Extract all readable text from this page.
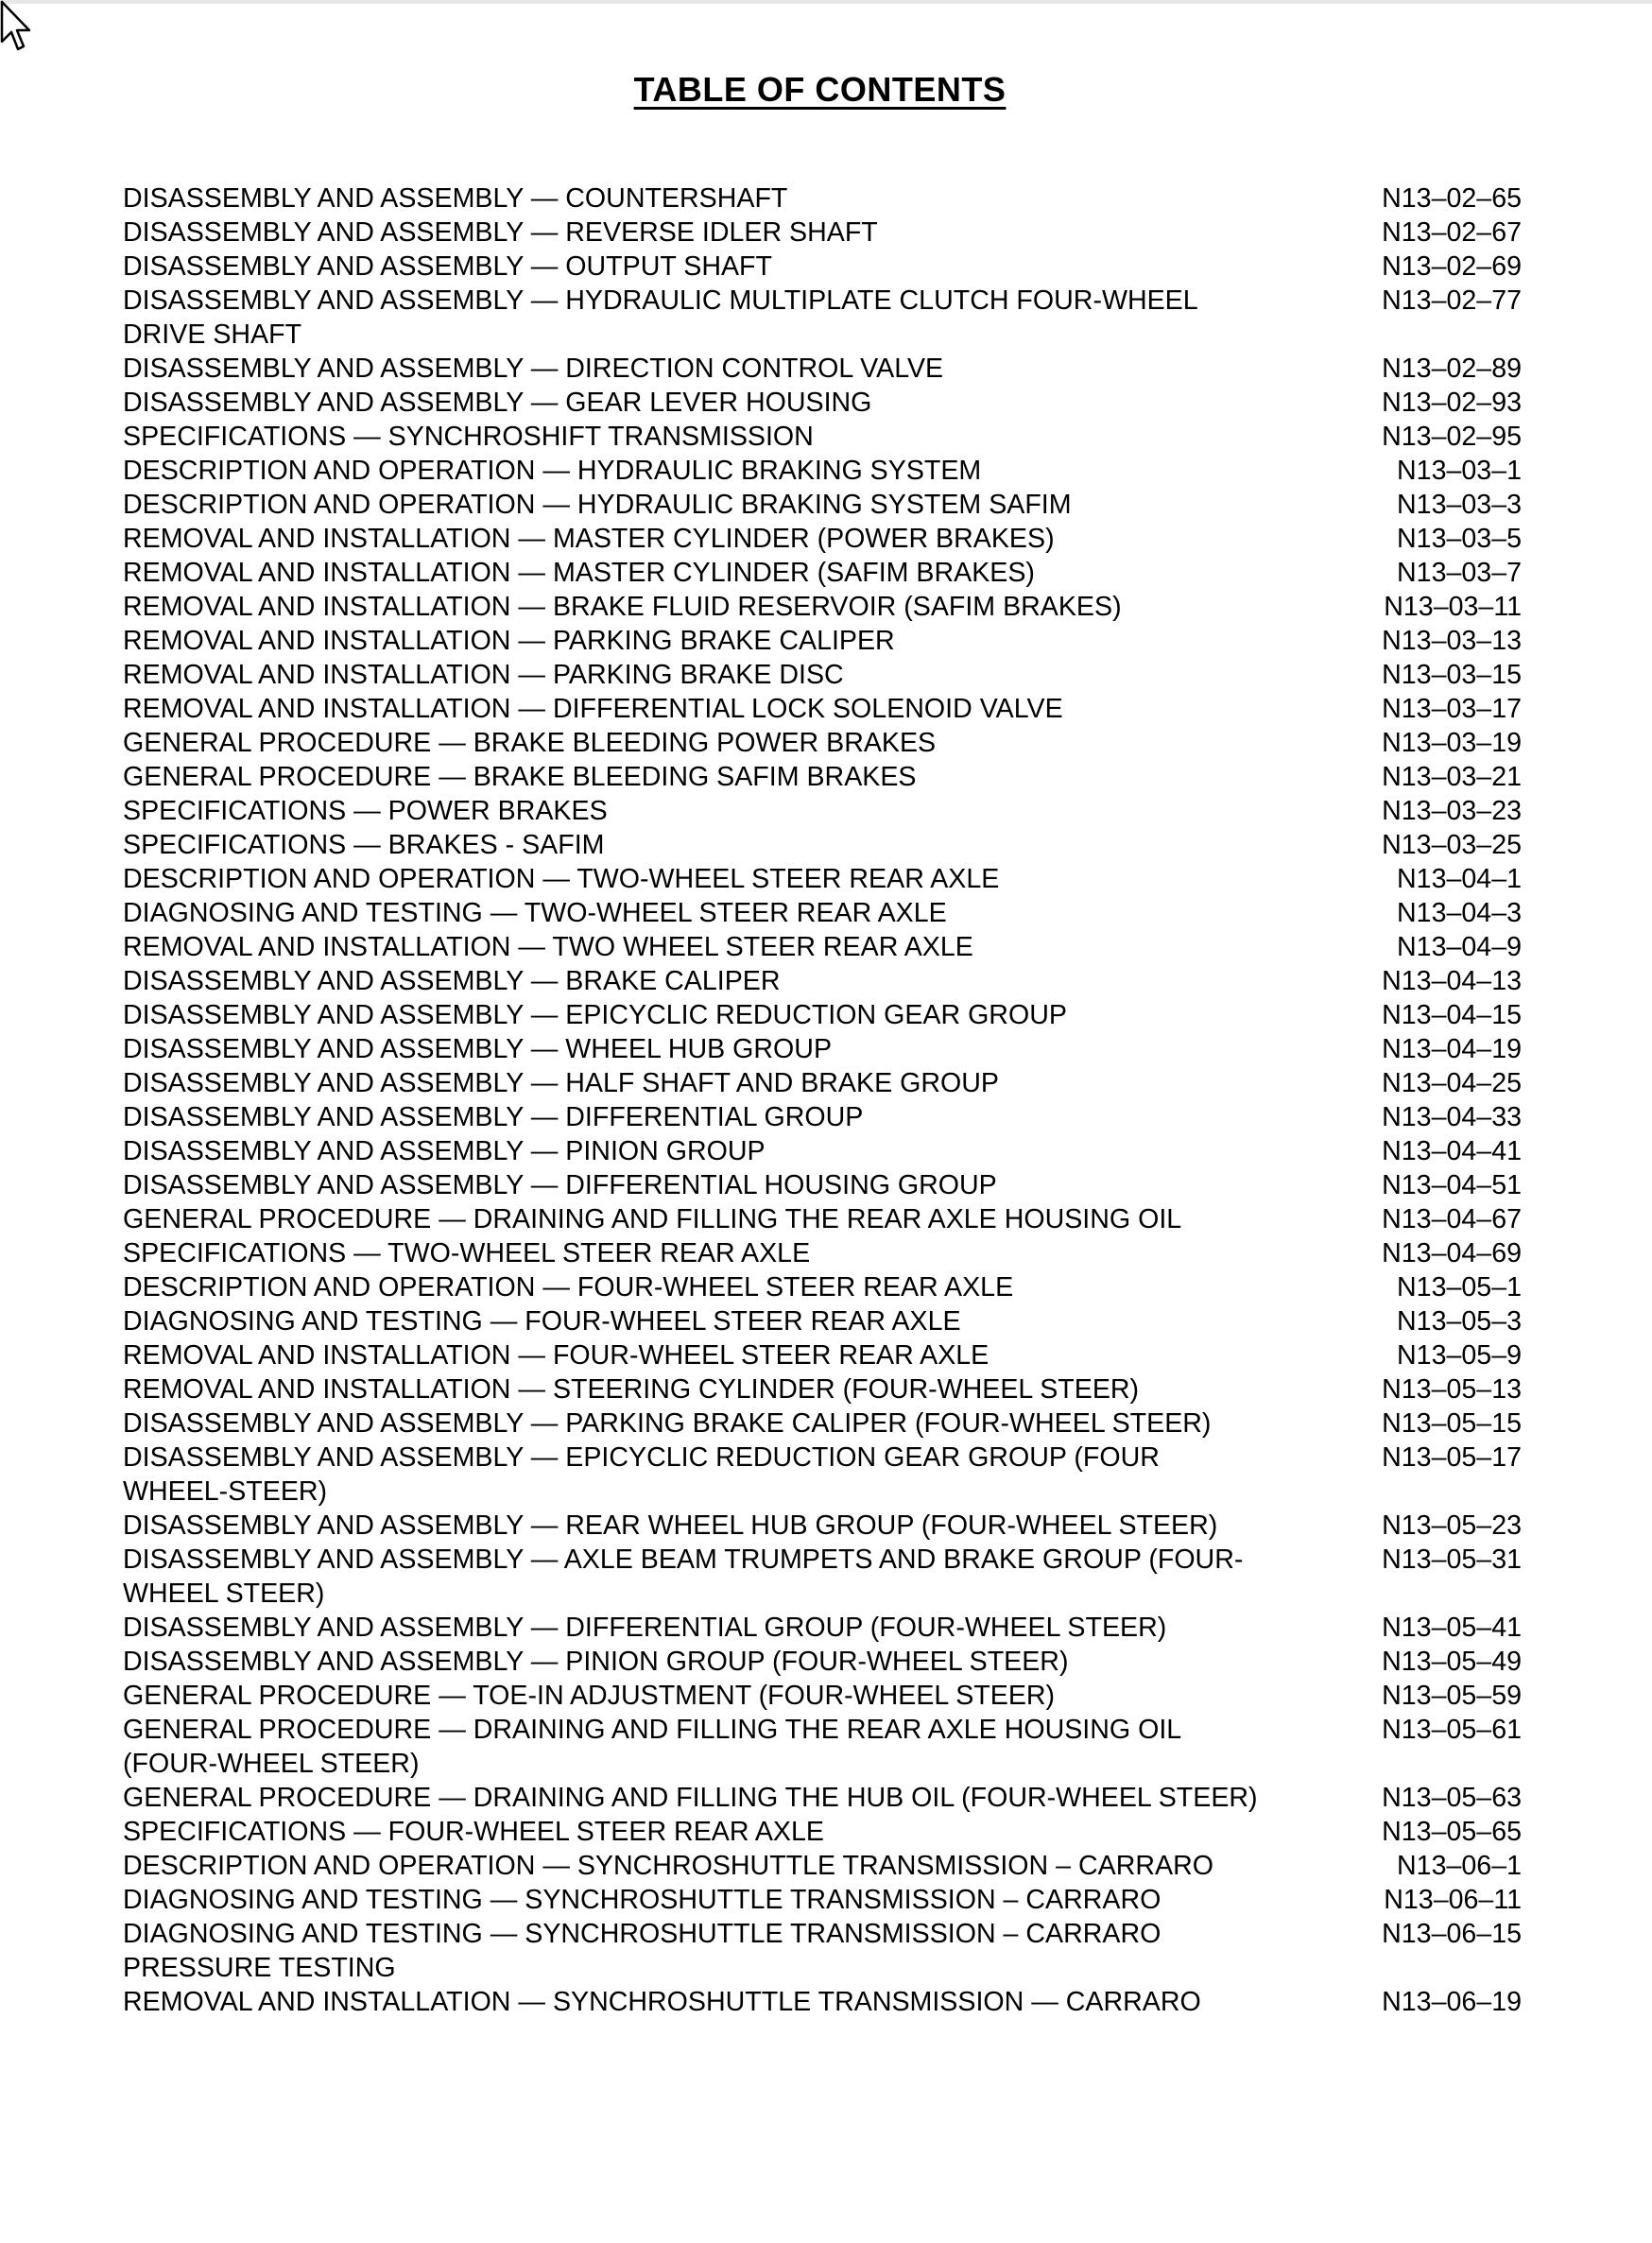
TABLE OF CONTENTS
DISASSEMBLY AND ASSEMBLY — COUNTERSHAFT	N13–02–65
DISASSEMBLY AND ASSEMBLY — REVERSE IDLER SHAFT	N13–02–67
DISASSEMBLY AND ASSEMBLY — OUTPUT SHAFT	N13–02–69
DISASSEMBLY AND ASSEMBLY — HYDRAULIC MULTIPLATE CLUTCH FOUR-WHEEL DRIVE SHAFT
N13–02–77
DISASSEMBLY AND ASSEMBLY — DIRECTION CONTROL VALVE	N13–02–89
DISASSEMBLY AND ASSEMBLY — GEAR LEVER HOUSING	N13–02–93
SPECIFICATIONS — SYNCHROSHIFT TRANSMISSION	N13–02–95
DESCRIPTION AND OPERATION — HYDRAULIC BRAKING SYSTEM	N13–03–1
DESCRIPTION AND OPERATION — HYDRAULIC BRAKING SYSTEM SAFIM	N13–03–3
REMOVAL AND INSTALLATION — MASTER CYLINDER (POWER BRAKES)	N13–03–5
REMOVAL AND INSTALLATION — MASTER CYLINDER (SAFIM BRAKES)	N13–03–7
REMOVAL AND INSTALLATION — BRAKE FLUID RESERVOIR (SAFIM BRAKES)	N13–03–11
REMOVAL AND INSTALLATION — PARKING BRAKE CALIPER	N13–03–13
REMOVAL AND INSTALLATION — PARKING BRAKE DISC	N13–03–15
REMOVAL AND INSTALLATION — DIFFERENTIAL LOCK SOLENOID VALVE	N13–03–17
GENERAL PROCEDURE — BRAKE BLEEDING POWER BRAKES	N13–03–19
GENERAL PROCEDURE — BRAKE BLEEDING SAFIM BRAKES	N13–03–21
SPECIFICATIONS — POWER BRAKES	N13–03–23
SPECIFICATIONS — BRAKES - SAFIM	N13–03–25
DESCRIPTION AND OPERATION — TWO-WHEEL STEER REAR AXLE	N13–04–1
DIAGNOSING AND TESTING — TWO-WHEEL STEER REAR AXLE	N13–04–3
REMOVAL AND INSTALLATION — TWO WHEEL STEER REAR AXLE	N13–04–9
DISASSEMBLY AND ASSEMBLY — BRAKE CALIPER	N13–04–13
DISASSEMBLY AND ASSEMBLY — EPICYCLIC REDUCTION GEAR GROUP	N13–04–15
DISASSEMBLY AND ASSEMBLY — WHEEL HUB GROUP	N13–04–19
DISASSEMBLY AND ASSEMBLY — HALF SHAFT AND BRAKE GROUP	N13–04–25
DISASSEMBLY AND ASSEMBLY — DIFFERENTIAL GROUP	N13–04–33
DISASSEMBLY AND ASSEMBLY — PINION GROUP	N13–04–41
DISASSEMBLY AND ASSEMBLY — DIFFERENTIAL HOUSING GROUP	N13–04–51
GENERAL PROCEDURE — DRAINING AND FILLING THE REAR AXLE HOUSING OIL	N13–04–67
SPECIFICATIONS — TWO-WHEEL STEER REAR AXLE	N13–04–69
DESCRIPTION AND OPERATION — FOUR-WHEEL STEER REAR AXLE	N13–05–1
DIAGNOSING AND TESTING — FOUR-WHEEL STEER REAR AXLE	N13–05–3
REMOVAL AND INSTALLATION — FOUR-WHEEL STEER REAR AXLE	N13–05–9
REMOVAL AND INSTALLATION — STEERING CYLINDER (FOUR-WHEEL STEER)	N13–05–13
DISASSEMBLY AND ASSEMBLY — PARKING BRAKE CALIPER (FOUR-WHEEL STEER)	N13–05–15
DISASSEMBLY AND ASSEMBLY — EPICYCLIC REDUCTION GEAR GROUP (FOUR WHEEL-STEER)
N13–05–17
DISASSEMBLY AND ASSEMBLY — REAR WHEEL HUB GROUP (FOUR-WHEEL STEER)	N13–05–23
DISASSEMBLY AND ASSEMBLY — AXLE BEAM TRUMPETS AND BRAKE GROUP (FOUR-WHEEL STEER)
N13–05–31
DISASSEMBLY AND ASSEMBLY — DIFFERENTIAL GROUP (FOUR-WHEEL STEER)	N13–05–41
DISASSEMBLY AND ASSEMBLY — PINION GROUP (FOUR-WHEEL STEER)	N13–05–49
GENERAL PROCEDURE — TOE-IN ADJUSTMENT (FOUR-WHEEL STEER)	N13–05–59
GENERAL PROCEDURE — DRAINING AND FILLING THE REAR AXLE HOUSING OIL (FOUR-WHEEL STEER)
N13–05–61
GENERAL PROCEDURE — DRAINING AND FILLING THE HUB OIL (FOUR-WHEEL STEER)	N13–05–63
SPECIFICATIONS — FOUR-WHEEL STEER REAR AXLE	N13–05–65
DESCRIPTION AND OPERATION — SYNCHROSHUTTLE TRANSMISSION – CARRARO	N13–06–1
DIAGNOSING AND TESTING — SYNCHROSHUTTLE TRANSMISSION – CARRARO	N13–06–11
DIAGNOSING AND TESTING — SYNCHROSHUTTLE TRANSMISSION – CARRARO PRESSURE TESTING
N13–06–15
REMOVAL AND INSTALLATION — SYNCHROSHUTTLE TRANSMISSION — CARRARO	N13–06–19
